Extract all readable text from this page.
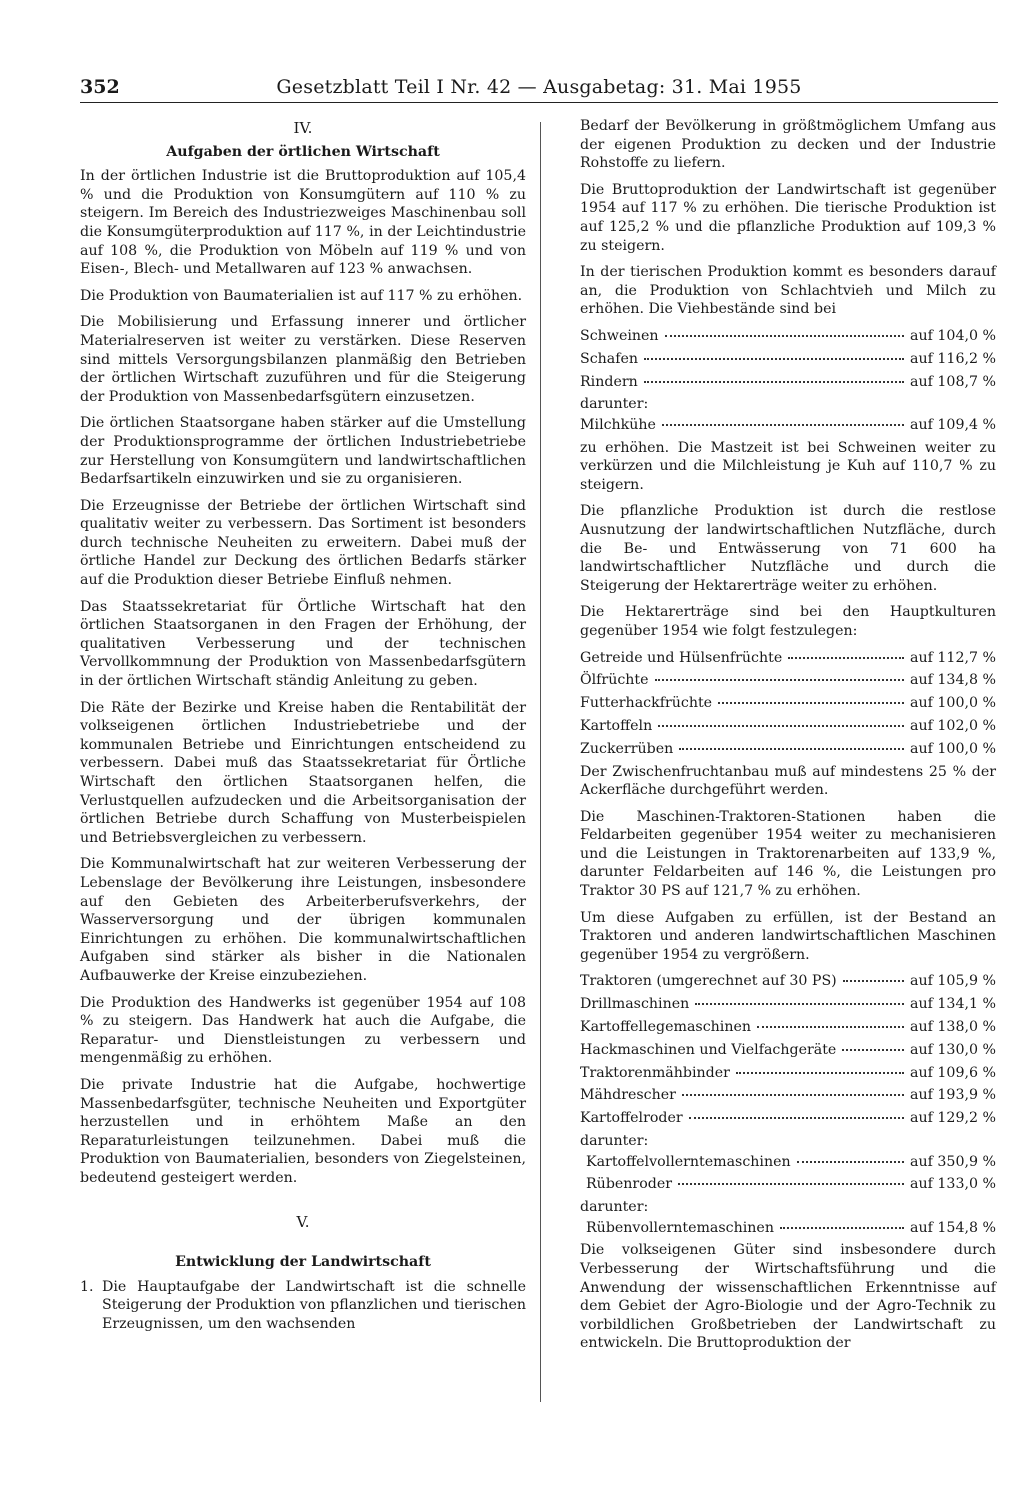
352	Gesetzblatt Teil I Nr. 42 — Ausgabetag: 31. Mai 1955
IV.
Aufgaben der örtlichen Wirtschaft

In der örtlichen Industrie ist die Bruttoproduktion auf 105,4 % und die Produktion von Konsumgütern auf 110 % zu steigern. Im Bereich des Industriezweiges Maschinenbau soll die Konsumgüterproduktion auf 117 %, in der Leichtindustrie auf 108 %, die Produktion von Möbeln auf 119 % und von Eisen-, Blech- und Metallwaren auf 123 % anwachsen.

Die Produktion von Baumaterialien ist auf 117 % zu erhöhen.

Die Mobilisierung und Erfassung innerer und örtlicher Materialreserven ist weiter zu verstärken. Diese Reserven sind mittels Versorgungsbilanzen planmäßig den Betrieben der örtlichen Wirtschaft zuzuführen und für die Steigerung der Produktion von Massenbedarfsgütern einzusetzen.

Die örtlichen Staatsorgane haben stärker auf die Umstellung der Produktionsprogramme der örtlichen Industriebetriebe zur Herstellung von Konsumgütern und landwirtschaftlichen Bedarfsartikeln einzuwirken und sie zu organisieren.

Die Erzeugnisse der Betriebe der örtlichen Wirtschaft sind qualitativ weiter zu verbessern. Das Sortiment ist besonders durch technische Neuheiten zu erweitern. Dabei muß der örtliche Handel zur Deckung des örtlichen Bedarfs stärker auf die Produktion dieser Betriebe Einfluß nehmen.

Das Staatssekretariat für Örtliche Wirtschaft hat den örtlichen Staatsorganen in den Fragen der Erhöhung, der qualitativen Verbesserung und der technischen Vervollkommnung der Produktion von Massenbedarfsgütern in der örtlichen Wirtschaft ständig Anleitung zu geben.

Die Räte der Bezirke und Kreise haben die Rentabilität der volkseigenen örtlichen Industriebetriebe und der kommunalen Betriebe und Einrichtungen entscheidend zu verbessern. Dabei muß das Staatssekretariat für Örtliche Wirtschaft den örtlichen Staatsorganen helfen, die Verlustquellen aufzudecken und die Arbeitsorganisation der örtlichen Betriebe durch Schaffung von Musterbeispielen und Betriebsvergleichen zu verbessern.

Die Kommunalwirtschaft hat zur weiteren Verbesserung der Lebenslage der Bevölkerung ihre Leistungen, insbesondere auf den Gebieten des Arbeiterberufsverkehrs, der Wasserversorgung und der übrigen kommunalen Einrichtungen zu erhöhen. Die kommunalwirtschaftlichen Aufgaben sind stärker als bisher in die Nationalen Aufbauwerke der Kreise einzubeziehen.

Die Produktion des Handwerks ist gegenüber 1954 auf 108 % zu steigern. Das Handwerk hat auch die Aufgabe, die Reparatur- und Dienstleistungen zu verbessern und mengenmäßig zu erhöhen.

Die private Industrie hat die Aufgabe, hochwertige Massenbedarfsgüter, technische Neuheiten und Exportgüter herzustellen und in erhöhtem Maße an den Reparaturleistungen teilzunehmen. Dabei muß die Produktion von Baumaterialien, besonders von Ziegelsteinen, bedeutend gesteigert werden.

V.
Entwicklung der Landwirtschaft
1. Die Hauptaufgabe der Landwirtschaft ist die schnelle Steigerung der Produktion von pflanzlichen und tierischen Erzeugnissen, um den wachsenden

Bedarf der Bevölkerung in größtmöglichem Umfang aus der eigenen Produktion zu decken und der Industrie Rohstoffe zu liefern.

Die Bruttoproduktion der Landwirtschaft ist gegenüber 1954 auf 117 % zu erhöhen. Die tierische Produktion ist auf 125,2 % und die pflanzliche Produktion auf 109,3 % zu steigern.

In der tierischen Produktion kommt es besonders darauf an, die Produktion von Schlachtvieh und Milch zu erhöhen. Die Viehbestände sind bei

Schweinen	auf 104,0 %
Schafen	auf 116,2 %
Rindern	auf 108,7 %
darunter:
Milchkühe	auf 109,4 %

zu erhöhen. Die Mastzeit ist bei Schweinen weiter zu verkürzen und die Milchleistung je Kuh auf 110,7 % zu steigern.

Die pflanzliche Produktion ist durch die restlose Ausnutzung der landwirtschaftlichen Nutzfläche, durch die Be- und Entwässerung von 71 600 ha landwirtschaftlicher Nutzfläche und durch die Steigerung der Hektarerträge weiter zu erhöhen.

Die Hektarerträge sind bei den Hauptkulturen gegenüber 1954 wie folgt festzulegen:

Getreide und Hülsenfrüchte	auf 112,7 %
Ölfrüchte	auf 134,8 %
Futterhackfrüchte	auf 100,0 %
Kartoffeln	auf 102,0 %
Zuckerrüben	auf 100,0 %

Der Zwischenfruchtanbau muß auf mindestens 25 % der Ackerfläche durchgeführt werden.

Die Maschinen-Traktoren-Stationen haben die Feldarbeiten gegenüber 1954 weiter zu mechanisieren und die Leistungen in Traktorenarbeiten auf 133,9 %, darunter Feldarbeiten auf 146 %, die Leistungen pro Traktor 30 PS auf 121,7 % zu erhöhen.

Um diese Aufgaben zu erfüllen, ist der Bestand an Traktoren und anderen landwirtschaftlichen Maschinen gegenüber 1954 zu vergrößern.

Traktoren (umgerechnet auf 30 PS)	auf 105,9 %
Drillmaschinen	auf 134,1 %
Kartoffellegemaschinen	auf 138,0 %
Hackmaschinen und Vielfachgeräte	auf 130,0 %
Traktorenmähbinder	auf 109,6 %
Mähdrescher	auf 193,9 %
Kartoffelroder	auf 129,2 %
darunter:
Kartoffelvollerntemaschinen	auf 350,9 %
Rübenroder	auf 133,0 %
darunter:
Rübenvollerntemaschinen	auf 154,8 %

Die volkseigenen Güter sind insbesondere durch Verbesserung der Wirtschaftsführung und die Anwendung der wissenschaftlichen Erkenntnisse auf dem Gebiet der Agro-Biologie und der Agro-Technik zu vorbildlichen Großbetrieben der Landwirtschaft zu entwickeln. Die Bruttoproduktion der
